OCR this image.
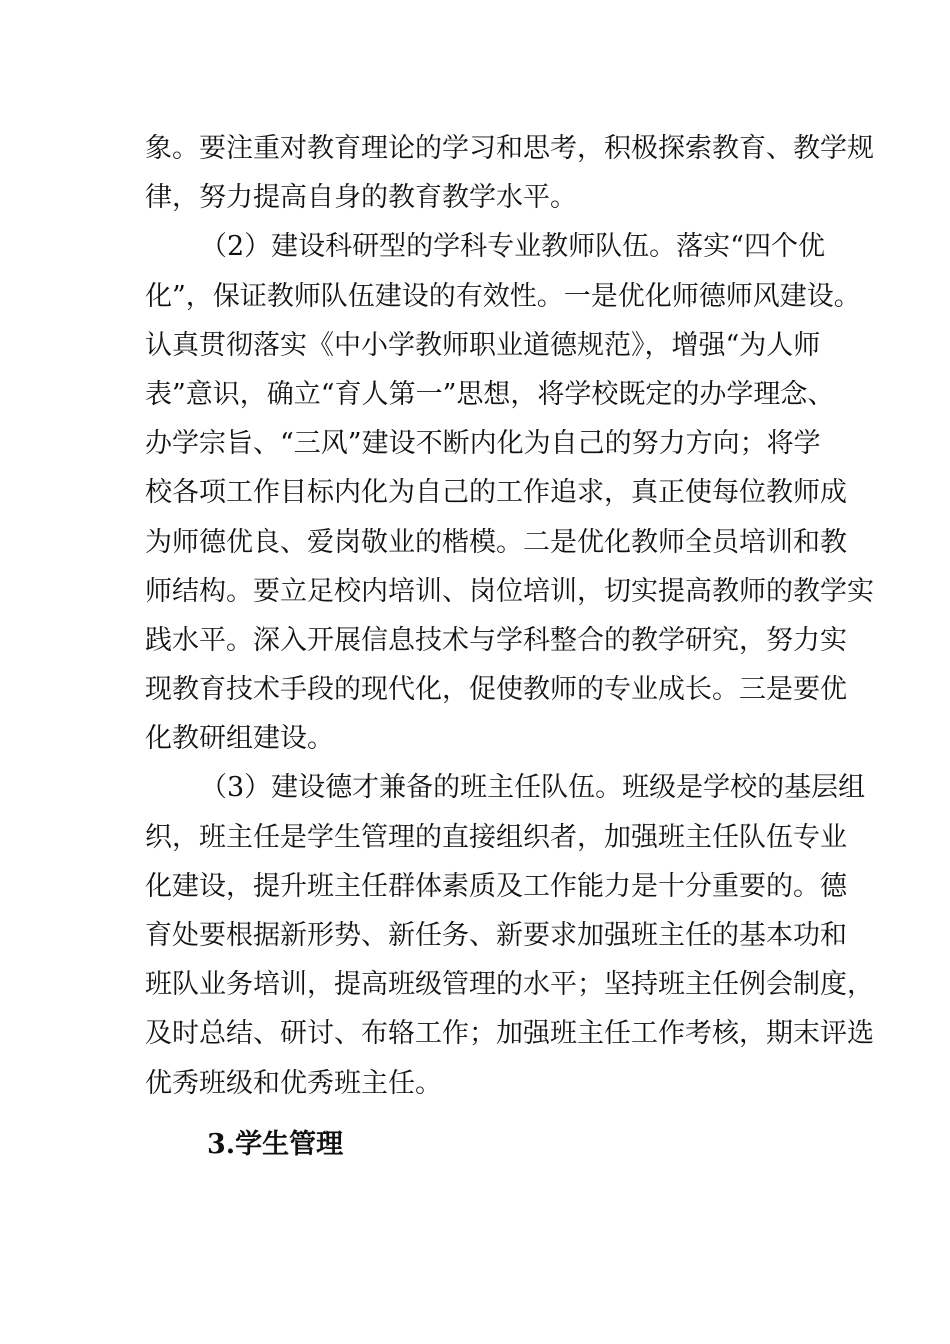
象。要注重对教育理论的学习和思考，积极探索教育、教学规
律，努力提高自身的教育教学水平。
（2）建设科研型的学科专业教师队伍。落实“四个优
化”，保证教师队伍建设的有效性。一是优化师德师风建设。
认真贯彻落实《中小学教师职业道德规范》，增强“为人师
表”意识，确立“育人第一”思想，将学校既定的办学理念、
办学宗旨、“三风”建设不断内化为自己的努力方向；将学
校各项工作目标内化为自己的工作追求，真正使每位教师成
为师德优良、爱岗敬业的楷模。二是优化教师全员培训和教
师结构。要立足校内培训、岗位培训，切实提高教师的教学实
践水平。深入开展信息技术与学科整合的教学研究，努力实
现教育技术手段的现代化，促使教师的专业成长。三是要优
化教研组建设。
（3）建设德才兼备的班主任队伍。班级是学校的基层组
织，班主任是学生管理的直接组织者，加强班主任队伍专业
化建设，提升班主任群体素质及工作能力是十分重要的。德
育处要根据新形势、新任务、新要求加强班主任的基本功和
班队业务培训，提高班级管理的水平；坚持班主任例会制度，
及时总结、研讨、布辂工作；加强班主任工作考核，期末评选
优秀班级和优秀班主任。
3.学生管理
